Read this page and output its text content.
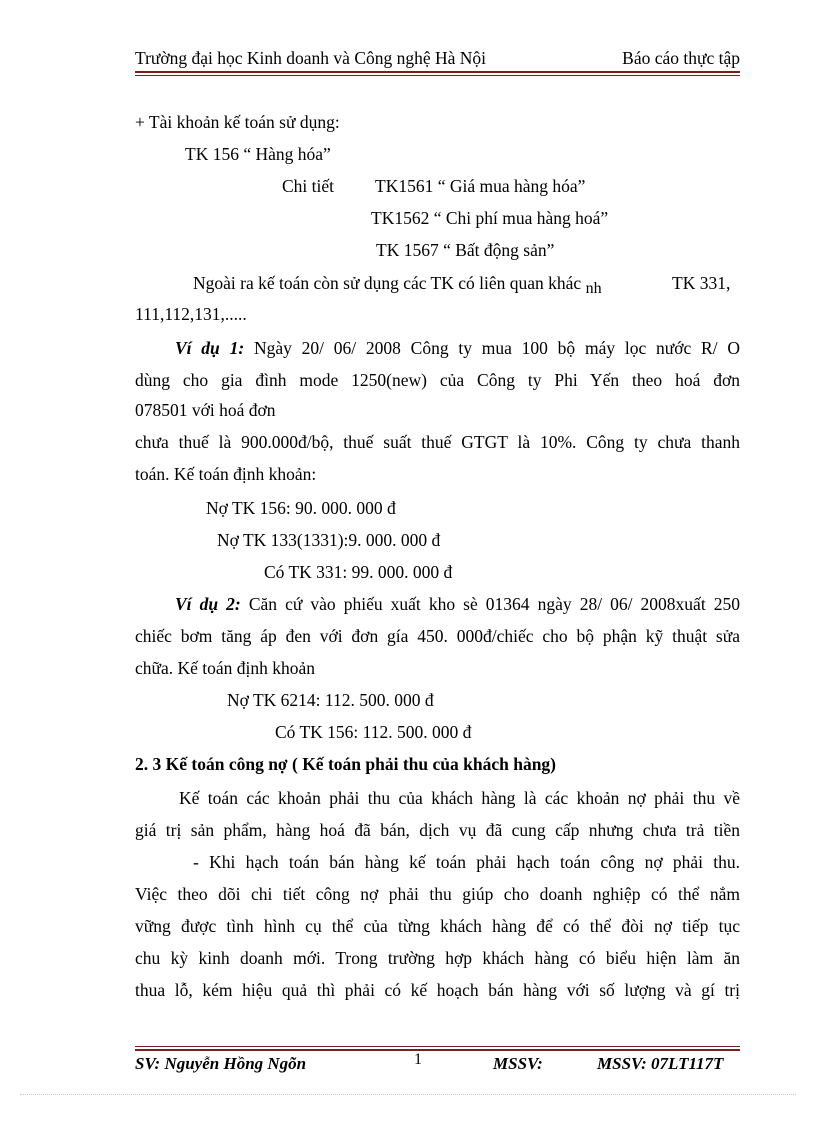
Trường đại học Kinh doanh và Công nghệ Hà Nội	Báo cáo thực tập
+ Tài khoản kế toán sử dụng:
TK 156 “ Hàng hóa”
Chi tiết TK1561 “ Giá mua hàng hóa”
TK1562 “ Chi phí mua hàng hoá”
TK 1567 “ Bất động sản”
Ngoài ra kế toán còn sử dụng các TK có liên quan khác nh	TK 331,
111,112,131,.....
Ví dụ 1: Ngày 20/ 06/ 2008 Công ty mua 100 bộ máy lọc nước R/ O
dùng cho gia đình mode 1250(new) của Công ty Phi Yến theo hoá đơn
078501 với hoá đơn
chưa thuế là 900.000đ/bộ, thuế suất thuế GTGT là 10%. Công ty chưa thanh
toán. Kế toán định khoản:
Nợ TK 156: 90. 000. 000 đ
Nợ TK 133(1331):9. 000. 000 đ
Có TK 331: 99. 000. 000 đ
Ví dụ 2: Căn cứ vào phiếu xuất kho sè 01364 ngày 28/ 06/ 2008xuất 250
chiếc bơm tăng áp đen với đơn gía 450. 000đ/chiếc cho bộ phận kỹ thuật sửa
chữa. Kế toán định khoản
Nợ TK 6214: 112. 500. 000 đ
Có TK 156: 112. 500. 000 đ
2. 3 Kế toán công nợ ( Kế toán phải thu của khách hàng)
Kế toán các khoản phải thu của khách hàng là các khoản nợ phải thu về
giá trị sản phẩm, hàng hoá đã bán, dịch vụ đã cung cấp nhưng chưa trả tiền
- Khi hạch toán bán hàng kế toán phải hạch toán công nợ phải thu.
Việc theo dõi chi tiết công nợ phải thu giúp cho doanh nghiệp có thể nắm
vững được tình hình cụ thể của từng khách hàng để có thể đòi nợ tiếp tục
chu kỳ kinh doanh mới. Trong trường hợp khách hàng có biểu hiện làm ăn
thua lỗ, kém hiệu quả thì phải có kế hoạch bán hàng với số lượng và gí trị
SV: Nguyễn Hồng Ngõn	1	MSSV:	MSSV: 07LT117T
